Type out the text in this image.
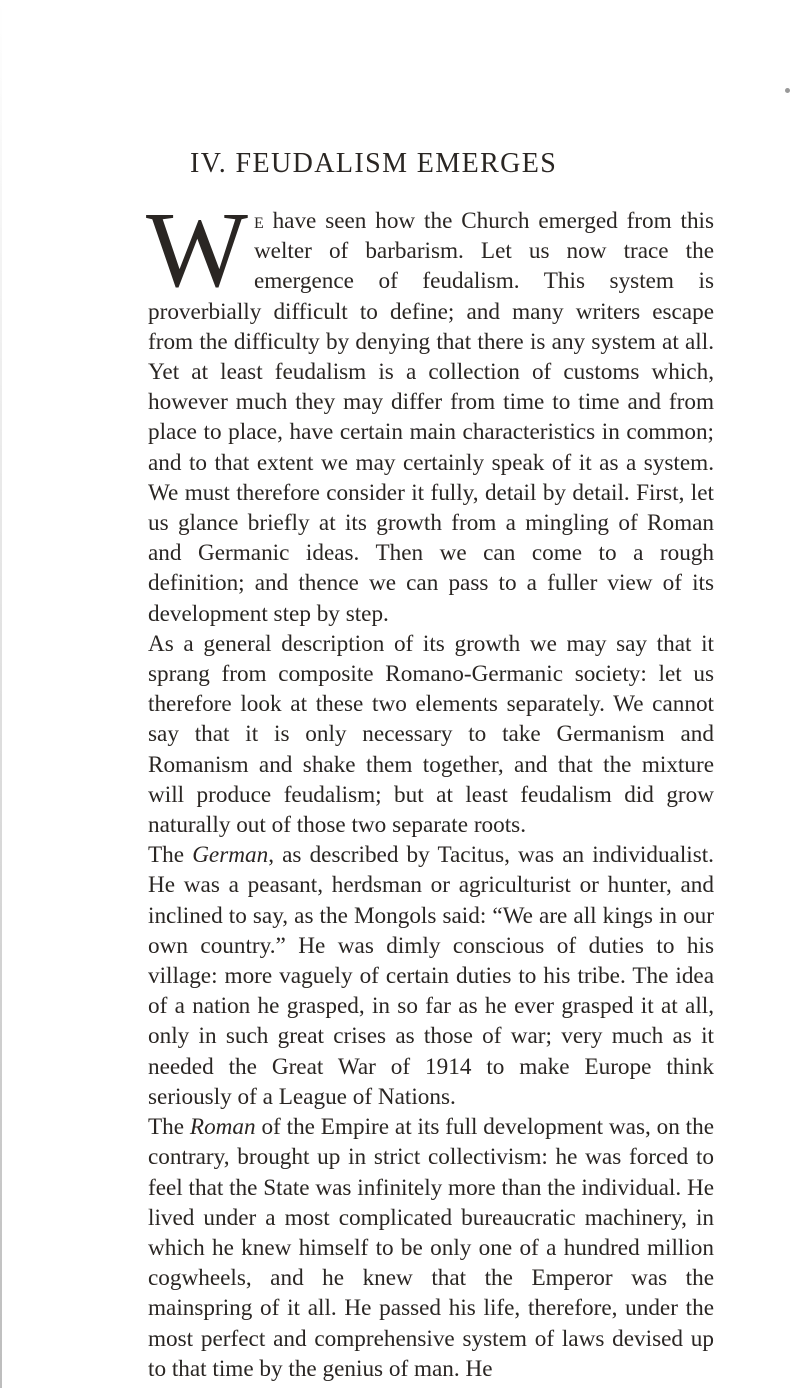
IV. FEUDALISM EMERGES

We have seen how the Church emerged from this welter of barbarism. Let us now trace the emergence of feudalism. This system is proverbially difficult to define; and many writers escape from the difficulty by denying that there is any system at all. Yet at least feudalism is a collection of customs which, however much they may differ from time to time and from place to place, have certain main characteristics in common; and to that extent we may certainly speak of it as a system. We must therefore consider it fully, detail by detail. First, let us glance briefly at its growth from a mingling of Roman and Germanic ideas. Then we can come to a rough definition; and thence we can pass to a fuller view of its development step by step.

As a general description of its growth we may say that it sprang from composite Romano-Germanic society: let us therefore look at these two elements separately. We cannot say that it is only necessary to take Germanism and Romanism and shake them together, and that the mixture will produce feudalism; but at least feudalism did grow naturally out of those two separate roots.

The German, as described by Tacitus, was an individualist. He was a peasant, herdsman or agriculturist or hunter, and inclined to say, as the Mongols said: “We are all kings in our own country.” He was dimly conscious of duties to his village: more vaguely of certain duties to his tribe. The idea of a nation he grasped, in so far as he ever grasped it at all, only in such great crises as those of war; very much as it needed the Great War of 1914 to make Europe think seriously of a League of Nations.

The Roman of the Empire at its full development was, on the contrary, brought up in strict collectivism: he was forced to feel that the State was infinitely more than the individual. He lived under a most complicated bureaucratic machinery, in which he knew himself to be only one of a hundred million cogwheels, and he knew that the Emperor was the mainspring of it all. He passed his life, therefore, under the most perfect and comprehensive system of laws devised up to that time by the genius of man. He
